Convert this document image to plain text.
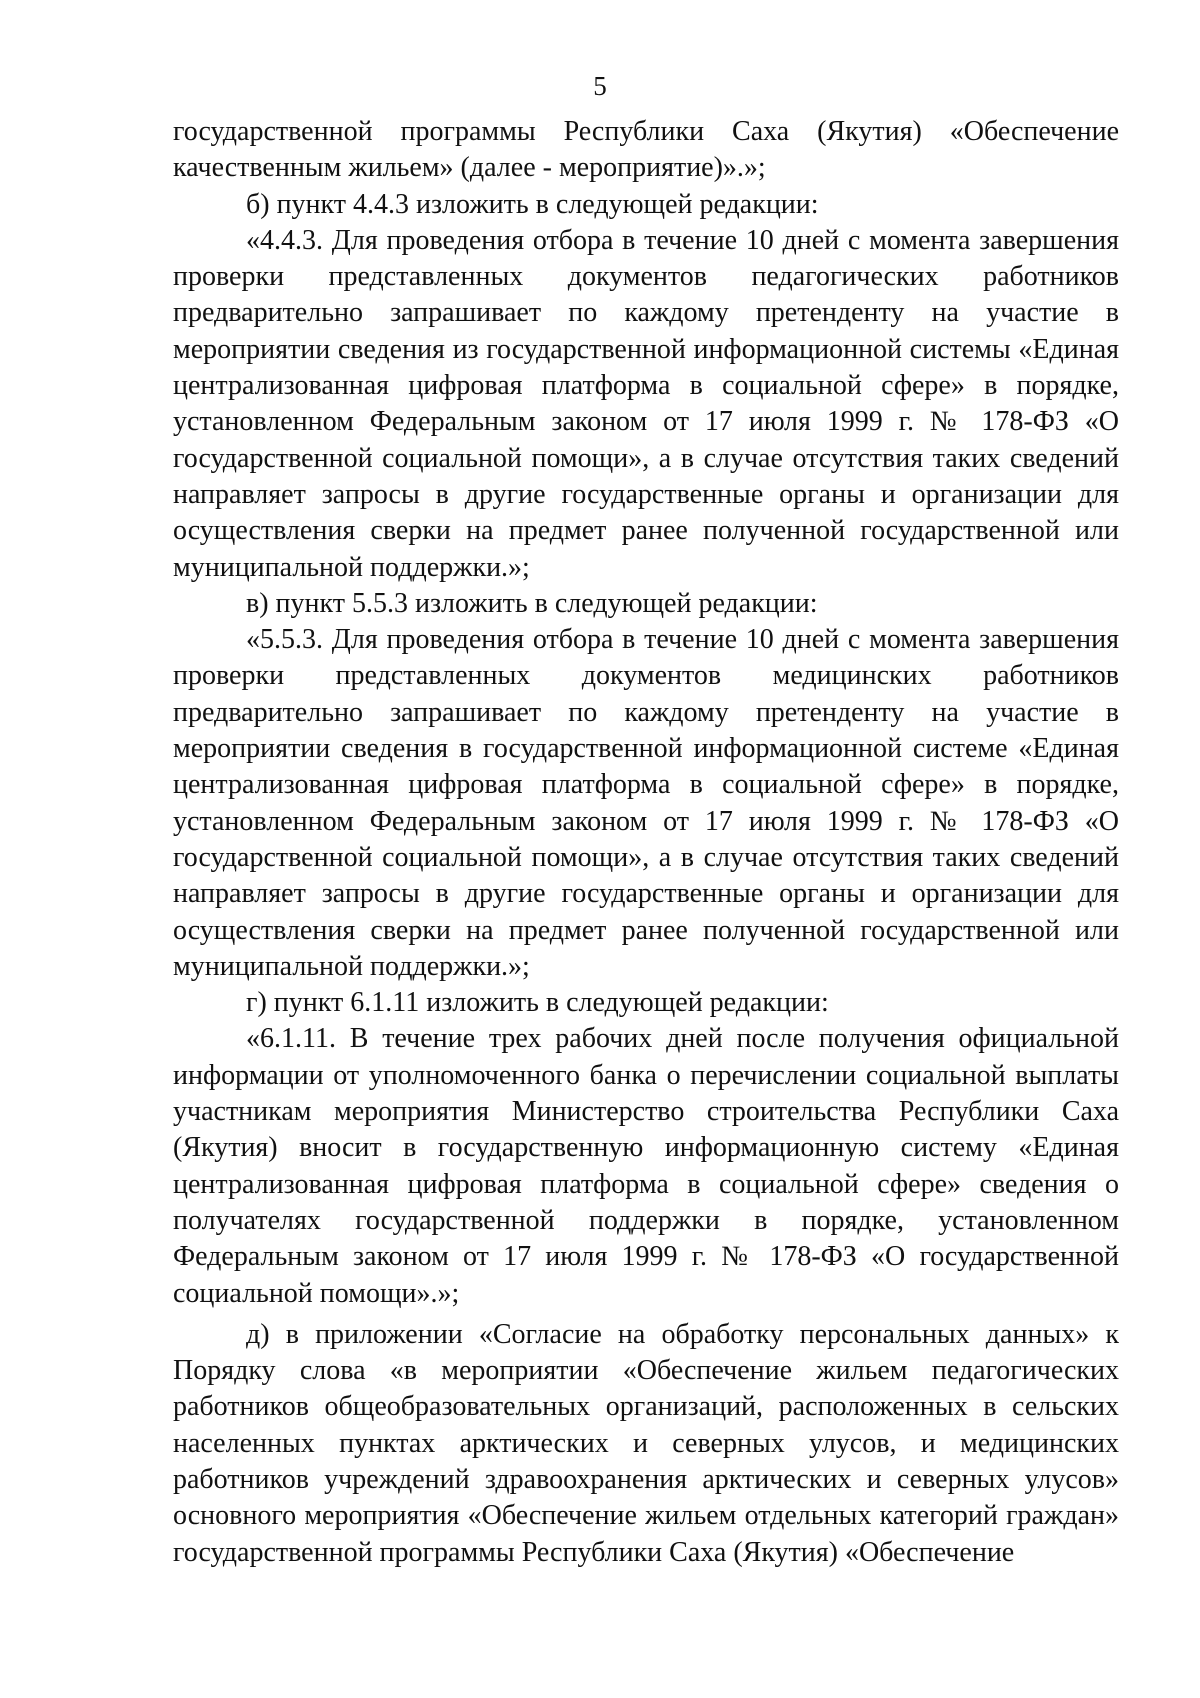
5

государственной программы Республики Саха (Якутия) «Обеспечение качественным жильем» (далее - мероприятие)».»;

б) пункт 4.4.3 изложить в следующей редакции:

«4.4.3. Для проведения отбора в течение 10 дней с момента завершения проверки представленных документов педагогических работников предварительно запрашивает по каждому претенденту на участие в мероприятии сведения из государственной информационной системы «Единая централизованная цифровая платформа в социальной сфере» в порядке, установленном Федеральным законом от 17 июля 1999 г. № 178-ФЗ «О государственной социальной помощи», а в случае отсутствия таких сведений направляет запросы в другие государственные органы и организации для осуществления сверки на предмет ранее полученной государственной или муниципальной поддержки.»;

в) пункт 5.5.3 изложить в следующей редакции:

«5.5.3. Для проведения отбора в течение 10 дней с момента завершения проверки представленных документов медицинских работников предварительно запрашивает по каждому претенденту на участие в мероприятии сведения в государственной информационной системе «Единая централизованная цифровая платформа в социальной сфере» в порядке, установленном Федеральным законом от 17 июля 1999 г. № 178-ФЗ «О государственной социальной помощи», а в случае отсутствия таких сведений направляет запросы в другие государственные органы и организации для осуществления сверки на предмет ранее полученной государственной или муниципальной поддержки.»;

г) пункт 6.1.11 изложить в следующей редакции:

«6.1.11. В течение трех рабочих дней после получения официальной информации от уполномоченного банка о перечислении социальной выплаты участникам мероприятия Министерство строительства Республики Саха (Якутия) вносит в государственную информационную систему «Единая централизованная цифровая платформа в социальной сфере» сведения о получателях государственной поддержки в порядке, установленном Федеральным законом от 17 июля 1999 г. № 178-ФЗ «О государственной социальной помощи».»;

д) в приложении «Согласие на обработку персональных данных» к Порядку слова «в мероприятии «Обеспечение жильем педагогических работников общеобразовательных организаций, расположенных в сельских населенных пунктах арктических и северных улусов, и медицинских работников учреждений здравоохранения арктических и северных улусов» основного мероприятия «Обеспечение жильем отдельных категорий граждан» государственной программы Республики Саха (Якутия) «Обеспечение
